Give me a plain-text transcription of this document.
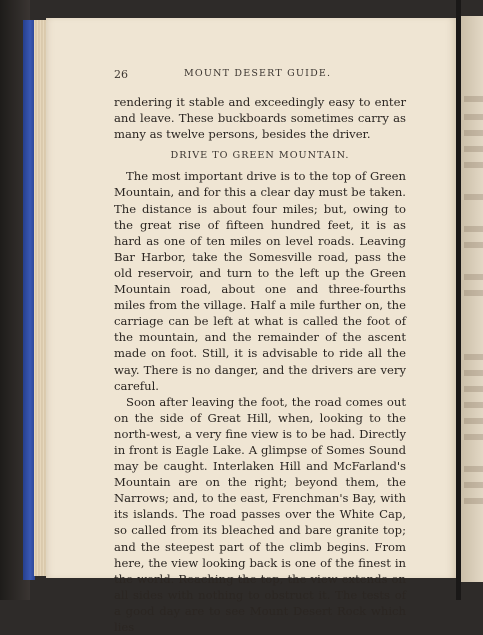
26	MOUNT DESERT GUIDE.

rendering it stable and exceedingly easy to enter and leave. These buckboards sometimes carry as many as twelve persons, besides the driver.

DRIVE TO GREEN MOUNTAIN.

The most important drive is to the top of Green Mountain, and for this a clear day must be taken. The distance is about four miles; but, owing to the great rise of fifteen hundred feet, it is as hard as one of ten miles on level roads. Leaving Bar Harbor, take the Somesville road, pass the old reservoir, and turn to the left up the Green Mountain road, about one and three-fourths miles from the village. Half a mile further on, the carriage can be left at what is called the foot of the mountain, and the remainder of the ascent made on foot. Still, it is advisable to ride all the way. There is no danger, and the drivers are very careful.

Soon after leaving the foot, the road comes out on the side of Great Hill, when, looking to the north-west, a very fine view is to be had. Directly in front is Eagle Lake. A glimpse of Somes Sound may be caught. Interlaken Hill and McFarland's Mountain are on the right; beyond them, the Narrows; and, to the east, Frenchman's Bay, with its islands. The road passes over the White Cap, so called from its bleached and bare granite top; and the steepest part of the climb begins. From here, the view looking back is one of the finest in the world. Reaching the top, the view extends on all sides with nothing to obstruct it. The tests of a good day are to see Mount Desert Rock which lies
